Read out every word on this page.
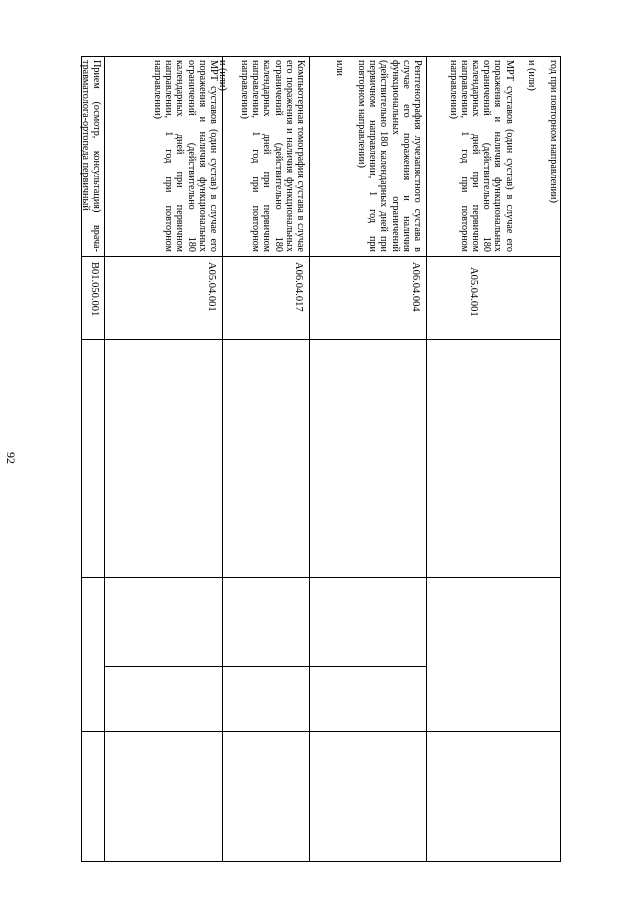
92

год при повторном направлении)

и (или)

МРТ суставов (один сустав) в случае его поражения и наличия функциональных ограничений (действительно 180 календарных дней при первичном направлении, 1 год при повторном направлении)

A05.04.001

Рентгенография лучезапястного сустава в случае его поражения и наличия функциональных ограничений (действительно 180 календарных дней при первичном направлении, 1 год при повторном направлении)

или

A06.04.004

Компьютерная томография сустава в случае его поражения и наличия функциональных ограничений (действительно 180 календарных дней при первичном направлении, 1 год при повторном направлении)

и (или)

A06.04.017

МРТ суставов (один сустав) в случае его поражения и наличия функциональных ограничений (действительно 180 календарных дней при первичном направлении, 1 год при повторном направлении)

A05.04.001

Прием (осмотр, консультация) врача-травматолога-ортопеда первичный

B01.050.001
